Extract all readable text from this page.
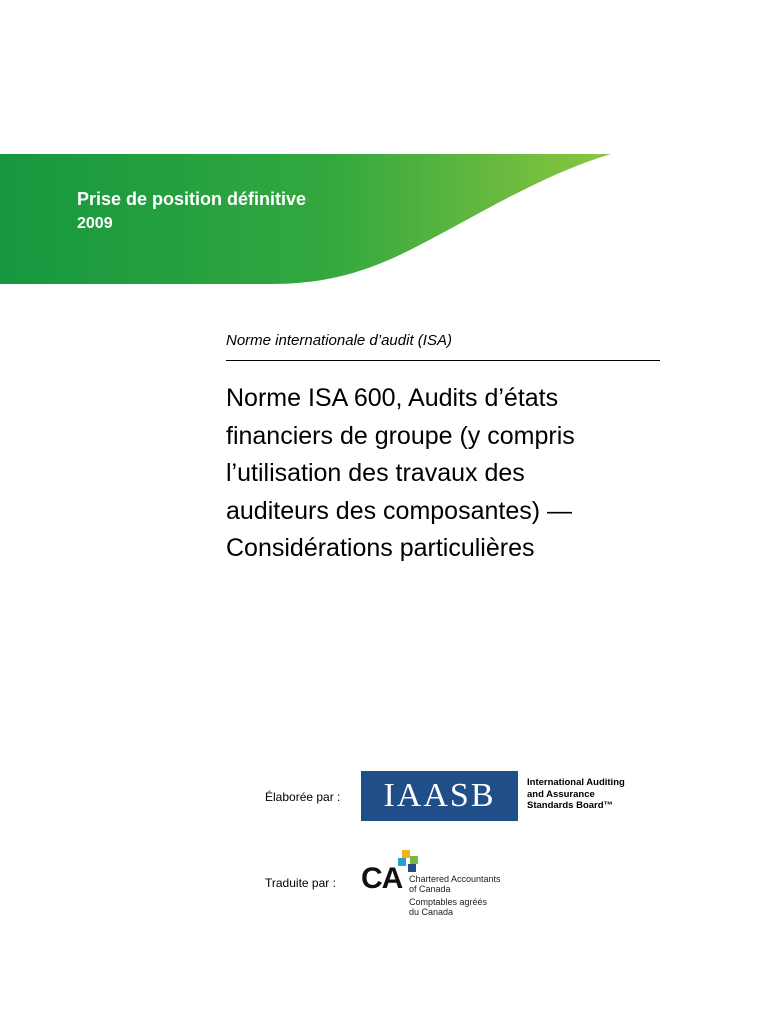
Prise de position définitive
2009
Norme internationale d’audit (ISA)
Norme ISA 600, Audits d’états
financiers de groupe (y compris
l’utilisation des travaux des
auditeurs des composantes) —
Considérations particulières
Élaborée par :	IAASB	International Auditing
and Assurance
Standards Board™
Traduite par : CA Chartered Accountants
of Canada
Comptables agréés
du Canada
